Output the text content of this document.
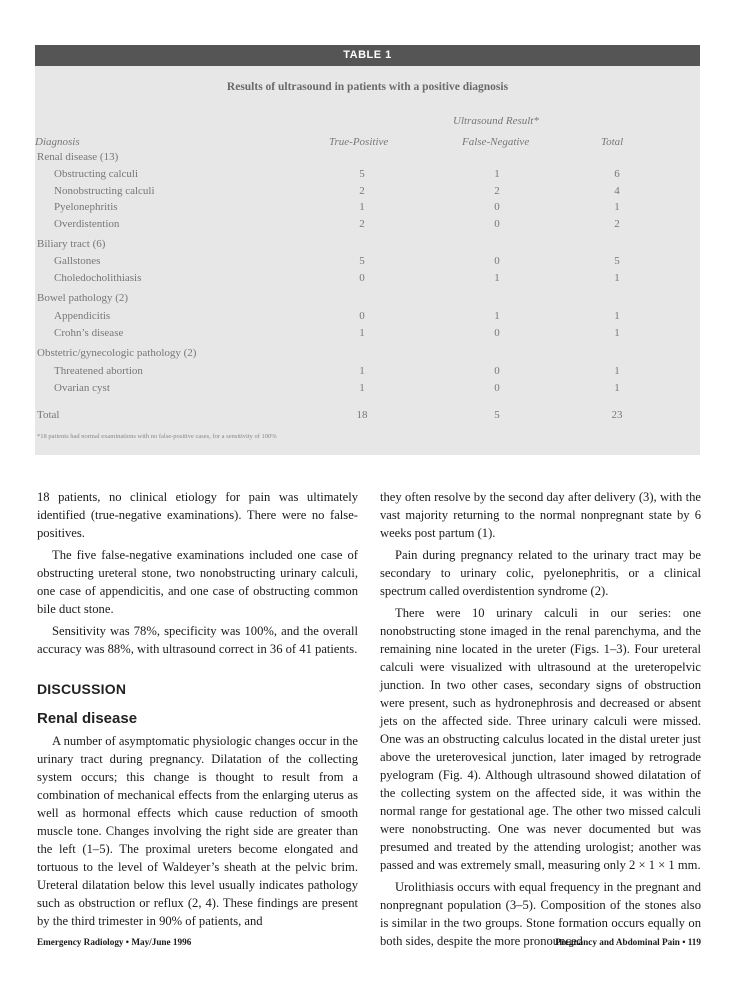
TABLE 1
Results of ultrasound in patients with a positive diagnosis
Ultrasound Result*
Diagnosis	True-Positive	False-Negative	Total
Renal disease (13)
Obstructing calculi	5	1	6
Nonobstructing calculi	2	2	4
Pyelonephritis	1	0	1
Overdistention	2	0	2
Biliary tract (6)
Gallstones	5	0	5
Choledocholithiasis	0	1	1
Bowel pathology (2)
Appendicitis	0	1	1
Crohn’s disease	1	0	1
Obstetric/gynecologic pathology (2)
Threatened abortion	1	0	1
Ovarian cyst	1	0	1
Total	18	5	23
*18 patients had normal examinations with no false-positive cases, for a sensitivity of 100%

18 patients, no clinical etiology for pain was ultimately identified (true-negative examinations). There were no false-positives.

The five false-negative examinations included one case of obstructing ureteral stone, two nonobstructing urinary calculi, one case of appendicitis, and one case of obstructing common bile duct stone.

Sensitivity was 78%, specificity was 100%, and the overall accuracy was 88%, with ultrasound correct in 36 of 41 patients.

DISCUSSION
Renal disease

A number of asymptomatic physiologic changes occur in the urinary tract during pregnancy. Dilatation of the collecting system occurs; this change is thought to result from a combination of mechanical effects from the enlarging uterus as well as hormonal effects which cause reduction of smooth muscle tone. Changes involving the right side are greater than the left (1–5). The proximal ureters become elongated and tortuous to the level of Waldeyer’s sheath at the pelvic brim. Ureteral dilatation below this level usually indicates pathology such as obstruction or reflux (2, 4). These findings are present by the third trimester in 90% of patients, and

they often resolve by the second day after delivery (3), with the vast majority returning to the normal nonpregnant state by 6 weeks post partum (1).

Pain during pregnancy related to the urinary tract may be secondary to urinary colic, pyelonephritis, or a clinical spectrum called overdistention syndrome (2).

There were 10 urinary calculi in our series: one nonobstructing stone imaged in the renal parenchyma, and the remaining nine located in the ureter (Figs. 1–3). Four ureteral calculi were visualized with ultrasound at the ureteropelvic junction. In two other cases, secondary signs of obstruction were present, such as hydronephrosis and decreased or absent jets on the affected side. Three urinary calculi were missed. One was an obstructing calculus located in the distal ureter just above the ureterovesical junction, later imaged by retrograde pyelogram (Fig. 4). Although ultrasound showed dilatation of the collecting system on the affected side, it was within the normal range for gestational age. The other two missed calculi were nonobstructing. One was never documented but was presumed and treated by the attending urologist; another was passed and was extremely small, measuring only 2 × 1 × 1 mm.

Urolithiasis occurs with equal frequency in the pregnant and nonpregnant population (3–5). Composition of the stones also is similar in the two groups. Stone formation occurs equally on both sides, despite the more pronounced

Emergency Radiology • May/June 1996	Pregnancy and Abdominal Pain • 119
